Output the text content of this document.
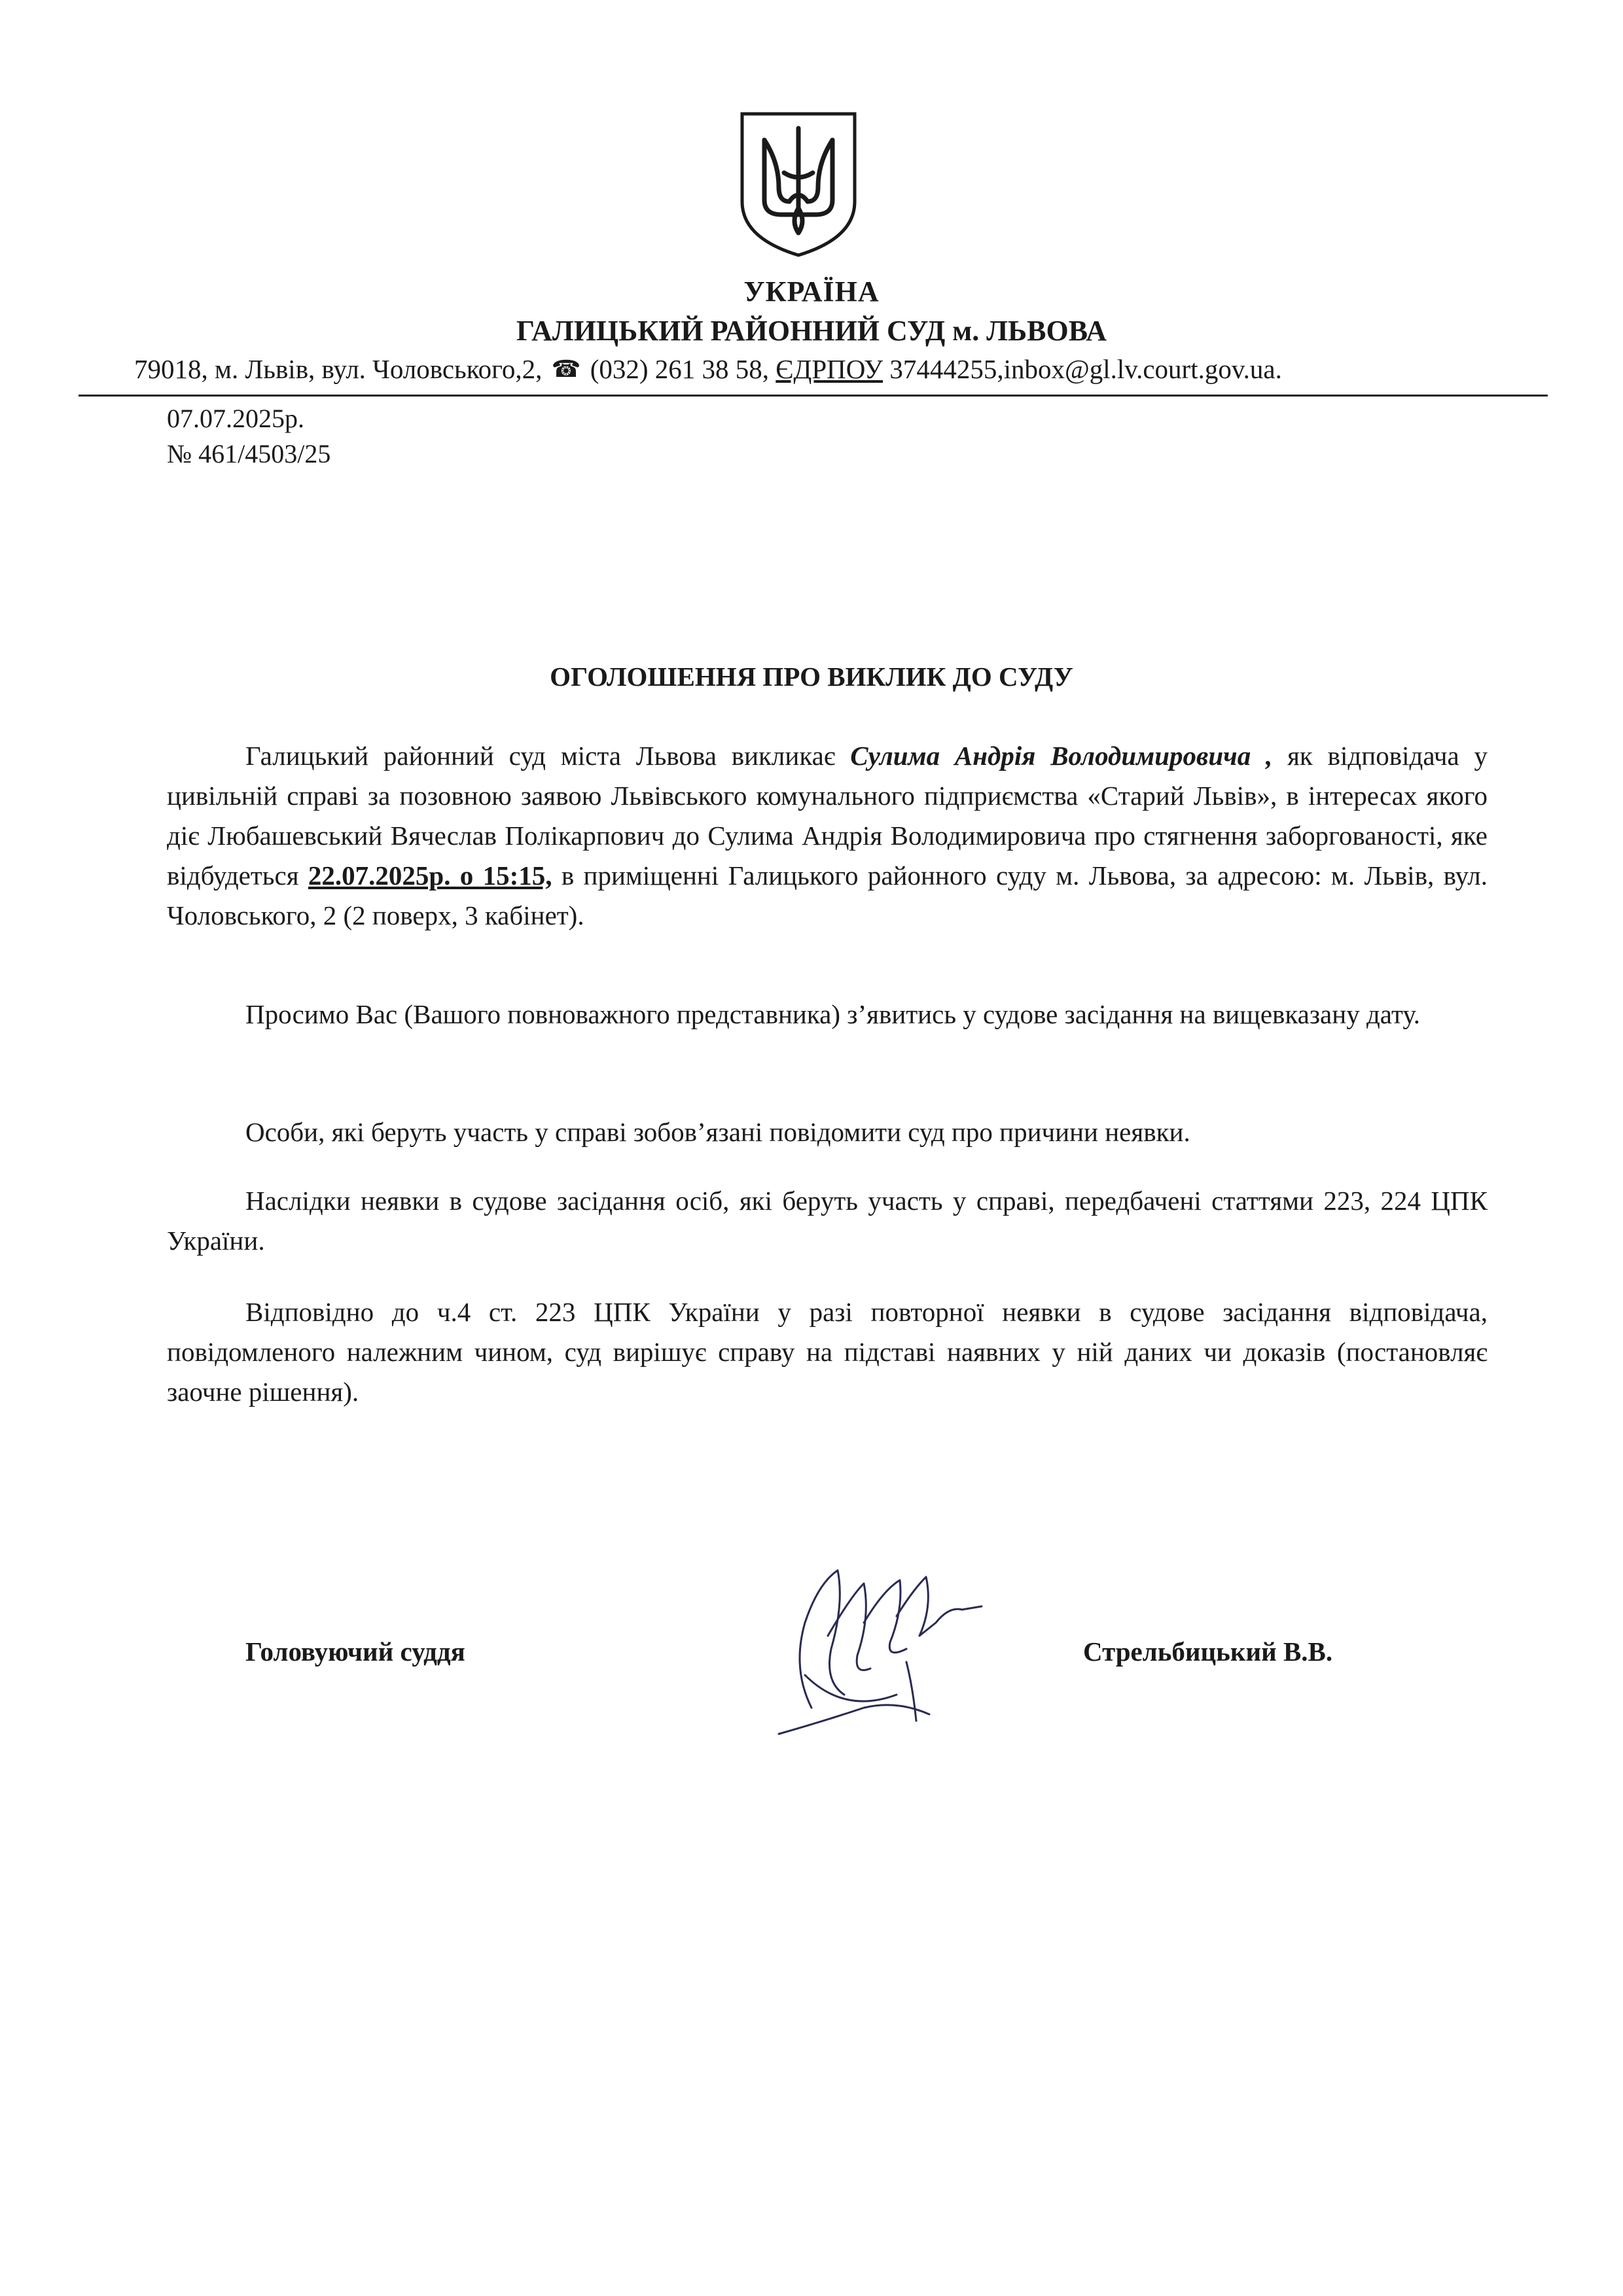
УКРАЇНА
ГАЛИЦЬКИЙ РАЙОННИЙ СУД м. ЛЬВОВА
79018, м. Львів, вул. Чоловського,2, ☎ (032) 261 38 58, ЄДРПОУ 37444255,inbox@gl.lv.court.gov.ua.
07.07.2025р.
№ 461/4503/25
ОГОЛОШЕННЯ ПРО ВИКЛИК ДО СУДУ
Галицький районний суд міста Львова викликає Сулима Андрія Володимировича , як відповідача у цивільній справі за позовною заявою Львівського комунального підприємства «Старий Львів», в інтересах якого діє Любашевський Вячеслав Полікарпович до Сулима Андрія Володимировича про стягнення заборгованості, яке відбудеться 22.07.2025р. о 15:15, в приміщенні Галицького районного суду м. Львова, за адресою: м. Львів, вул. Чоловського, 2 (2 поверх, 3 кабінет).
Просимо Вас (Вашого повноважного представника) з’явитись у судове засідання на вищевказану дату.
Особи, які беруть участь у справі зобов’язані повідомити суд про причини неявки.
Наслідки неявки в судове засідання осіб, які беруть участь у справі, передбачені статтями 223, 224 ЦПК України.
Відповідно до ч.4 ст. 223 ЦПК України у разі повторної неявки в судове засідання відповідача, повідомленого належним чином, суд вирішує справу на підставі наявних у ній даних чи доказів (постановляє заочне рішення).
Головуючий суддя	Стрельбицький В.В.
